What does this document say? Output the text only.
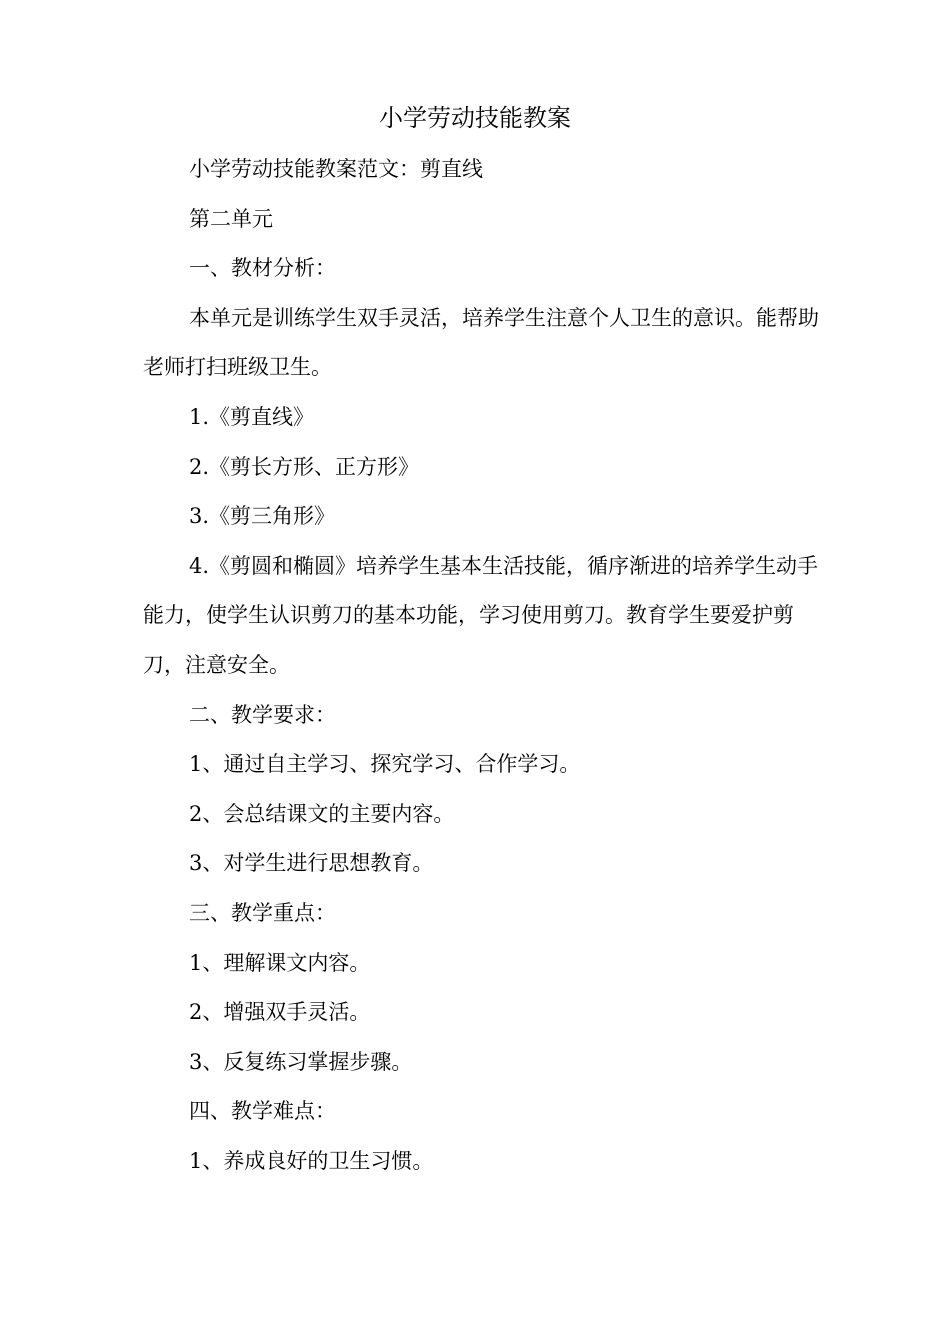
小学劳动技能教案

小学劳动技能教案范文：剪直线

第二单元

一、教材分析：

本单元是训练学生双手灵活，培养学生注意个人卫生的意识。能帮助老师打扫班级卫生。

1.《剪直线》

2.《剪长方形、正方形》

3.《剪三角形》

4.《剪圆和椭圆》培养学生基本生活技能，循序渐进的培养学生动手能力，使学生认识剪刀的基本功能，学习使用剪刀。教育学生要爱护剪刀，注意安全。

二、教学要求：

1、通过自主学习、探究学习、合作学习。

2、会总结课文的主要内容。

3、对学生进行思想教育。

三、教学重点：

1、理解课文内容。

2、增强双手灵活。

3、反复练习掌握步骤。

四、教学难点：

1、养成良好的卫生习惯。
